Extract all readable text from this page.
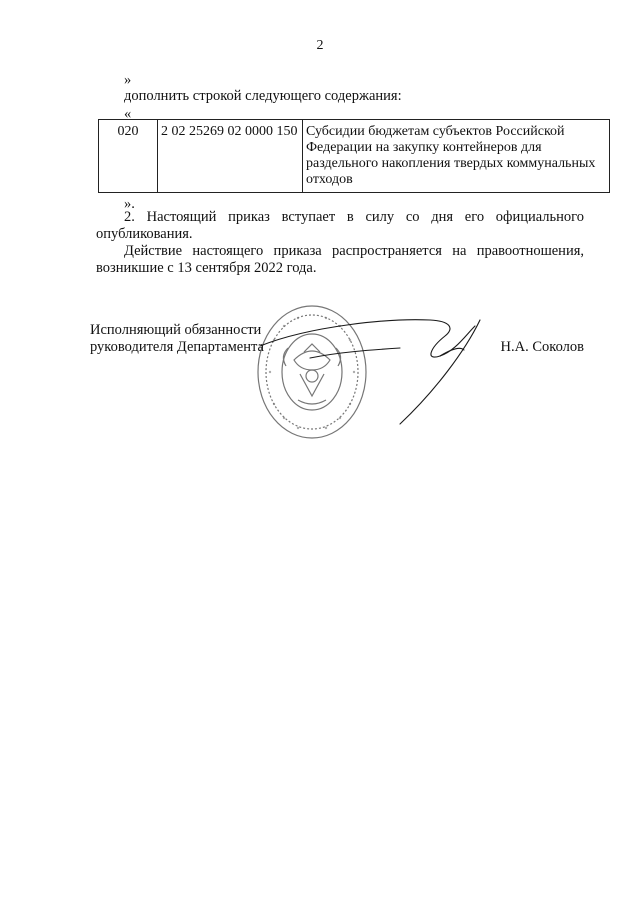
2
»
дополнить строкой следующего содержания:
«
020	2 02 25269 02 0000 150	Субсидии бюджетам субъектов Российской
Федерации на закупку контейнеров для
раздельного накопления твердых коммунальных
отходов
».
2. Настоящий приказ вступает в силу со дня его официального
опубликования.
Действие настоящего приказа распространяется на правоотношения,
возникшие с 13 сентября 2022 года.
Исполняющий обязанности
руководителя Департамента	Н.А. Соколов
